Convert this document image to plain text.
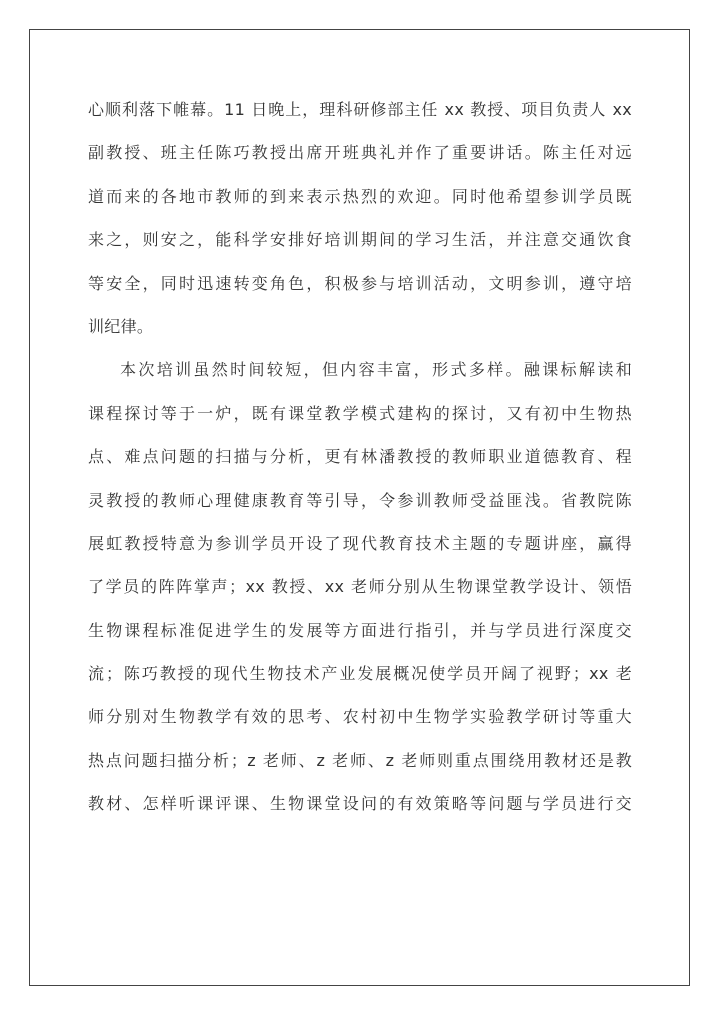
心顺利落下帷幕。11 日晚上，理科研修部主任 xx 教授、项目负责人 xx
副教授、班主任陈巧教授出席开班典礼并作了重要讲话。陈主任对远
道而来的各地市教师的到来表示热烈的欢迎。同时他希望参训学员既
来之，则安之，能科学安排好培训期间的学习生活，并注意交通饮食
等安全，同时迅速转变角色，积极参与培训活动，文明参训，遵守培
训纪律。
本次培训虽然时间较短，但内容丰富，形式多样。融课标解读和
课程探讨等于一炉，既有课堂教学模式建构的探讨，又有初中生物热
点、难点问题的扫描与分析，更有林潘教授的教师职业道德教育、程
灵教授的教师心理健康教育等引导，令参训教师受益匪浅。省教院陈
展虹教授特意为参训学员开设了现代教育技术主题的专题讲座，赢得
了学员的阵阵掌声；xx 教授、xx 老师分别从生物课堂教学设计、领悟
生物课程标准促进学生的发展等方面进行指引，并与学员进行深度交
流；陈巧教授的现代生物技术产业发展概况使学员开阔了视野；xx 老
师分别对生物教学有效的思考、农村初中生物学实验教学研讨等重大
热点问题扫描分析；z 老师、z 老师、z 老师则重点围绕用教材还是教
教材、怎样听课评课、生物课堂设问的有效策略等问题与学员进行交
